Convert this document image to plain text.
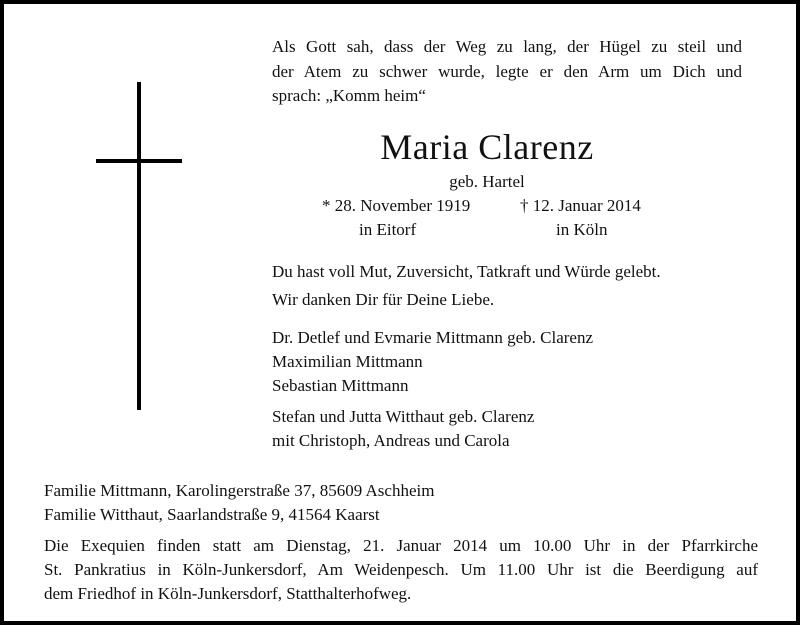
Als Gott sah, dass der Weg zu lang, der Hügel zu steil und
der Atem zu schwer wurde, legte er den Arm um Dich und
sprach: „Komm heim“
Maria Clarenz
geb. Hartel
* 28. November 1919	† 12. Januar 2014
in Eitorf	in Köln
Du hast voll Mut, Zuversicht, Tatkraft und Würde gelebt.
Wir danken Dir für Deine Liebe.
Dr. Detlef und Evmarie Mittmann geb. Clarenz
Maximilian Mittmann
Sebastian Mittmann
Stefan und Jutta Witthaut geb. Clarenz
mit Christoph, Andreas und Carola
Familie Mittmann, Karolingerstraße 37, 85609 Aschheim
Familie Witthaut, Saarlandstraße 9, 41564 Kaarst
Die Exequien finden statt am Dienstag, 21. Januar 2014 um 10.00 Uhr in der Pfarrkirche
St. Pankratius in Köln-Junkersdorf, Am Weidenpesch. Um 11.00 Uhr ist die Beerdigung auf
dem Friedhof in Köln-Junkersdorf, Statthalterhofweg.
